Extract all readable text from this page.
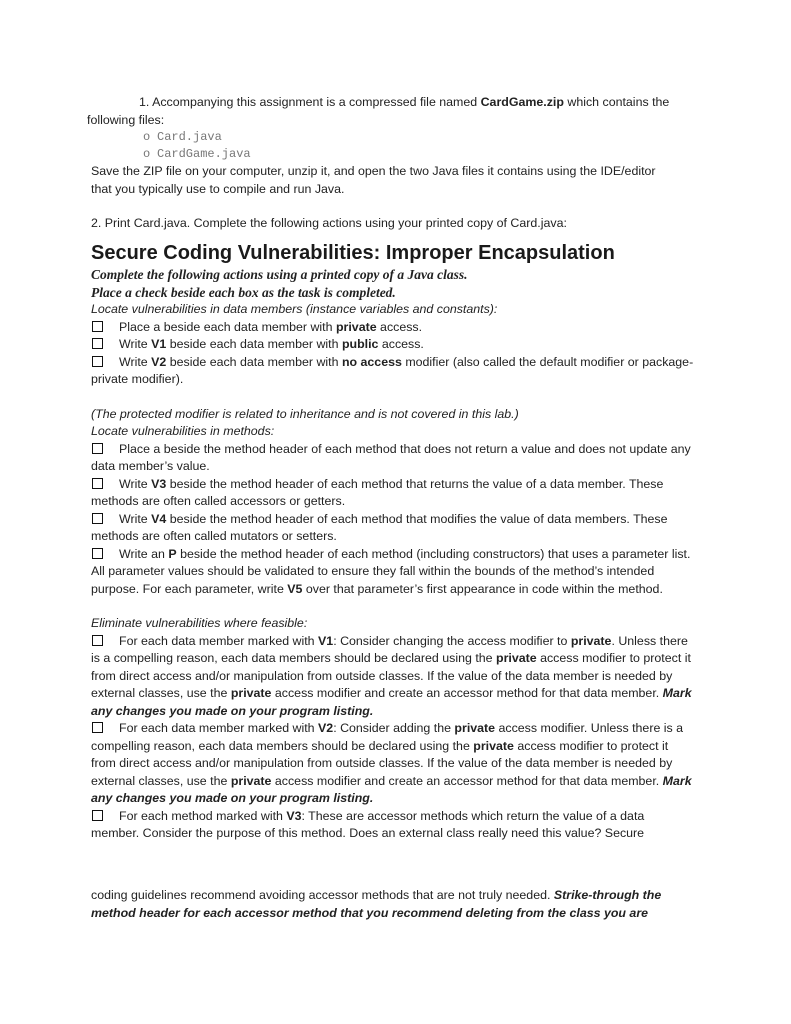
1. Accompanying this assignment is a compressed file named CardGame.zip which contains the

following files:

o Card.java

o CardGame.java

Save the ZIP file on your computer, unzip it, and open the two Java files it contains using the IDE/editor

that you typically use to compile and run Java.

2. Print Card.java. Complete the following actions using your printed copy of Card.java:

Secure Coding Vulnerabilities: Improper Encapsulation

Complete the following actions using a printed copy of a Java class.

Place a check beside each box as the task is completed.

Locate vulnerabilities in data members (instance variables and constants):

Place a beside each data member with private access.

Write V1 beside each data member with public access.

Write V2 beside each data member with no access modifier (also called the default modifier or package-

private modifier).

(The protected modifier is related to inheritance and is not covered in this lab.)

Locate vulnerabilities in methods:

Place a beside the method header of each method that does not return a value and does not update any

data member’s value.

Write V3 beside the method header of each method that returns the value of a data member. These

methods are often called accessors or getters.

Write V4 beside the method header of each method that modifies the value of data members. These

methods are often called mutators or setters.

Write an P beside the method header of each method (including constructors) that uses a parameter list.

All parameter values should be validated to ensure they fall within the bounds of the method’s intended

purpose. For each parameter, write V5 over that parameter’s first appearance in code within the method.

Eliminate vulnerabilities where feasible:

For each data member marked with V1: Consider changing the access modifier to private. Unless there

is a compelling reason, each data members should be declared using the private access modifier to protect it

from direct access and/or manipulation from outside classes. If the value of the data member is needed by

external classes, use the private access modifier and create an accessor method for that data member. Mark

any changes you made on your program listing.

For each data member marked with V2: Consider adding the private access modifier. Unless there is a

compelling reason, each data members should be declared using the private access modifier to protect it

from direct access and/or manipulation from outside classes. If the value of the data member is needed by

external classes, use the private access modifier and create an accessor method for that data member. Mark

any changes you made on your program listing.

For each method marked with V3: These are accessor methods which return the value of a data

member. Consider the purpose of this method. Does an external class really need this value? Secure

coding guidelines recommend avoiding accessor methods that are not truly needed. Strike-through the

method header for each accessor method that you recommend deleting from the class you are
